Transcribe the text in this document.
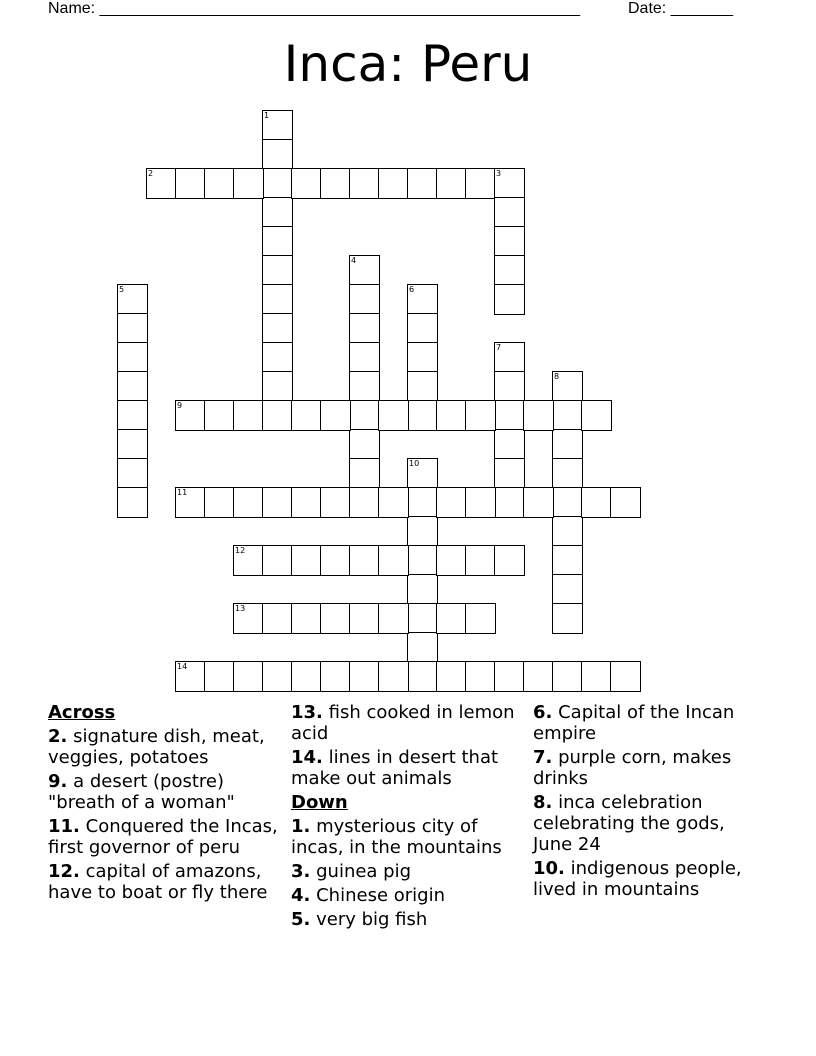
Name: ______________________________________________________	Date: _______
Inca: Peru
1
2	3
4
5	6
7
8
9
10
11
12
13
14
Across
2. signature dish, meat, veggies, potatoes
9. a desert (postre) "breath of a woman"
11. Conquered the Incas, first governor of peru
12. capital of amazons, have to boat or fly there
13. fish cooked in lemon acid
14. lines in desert that make out animals
Down
1. mysterious city of incas, in the mountains
3. guinea pig
4. Chinese origin
5. very big fish
6. Capital of the Incan empire
7. purple corn, makes drinks
8. inca celebration celebrating the gods, June 24
10. indigenous people, lived in mountains
